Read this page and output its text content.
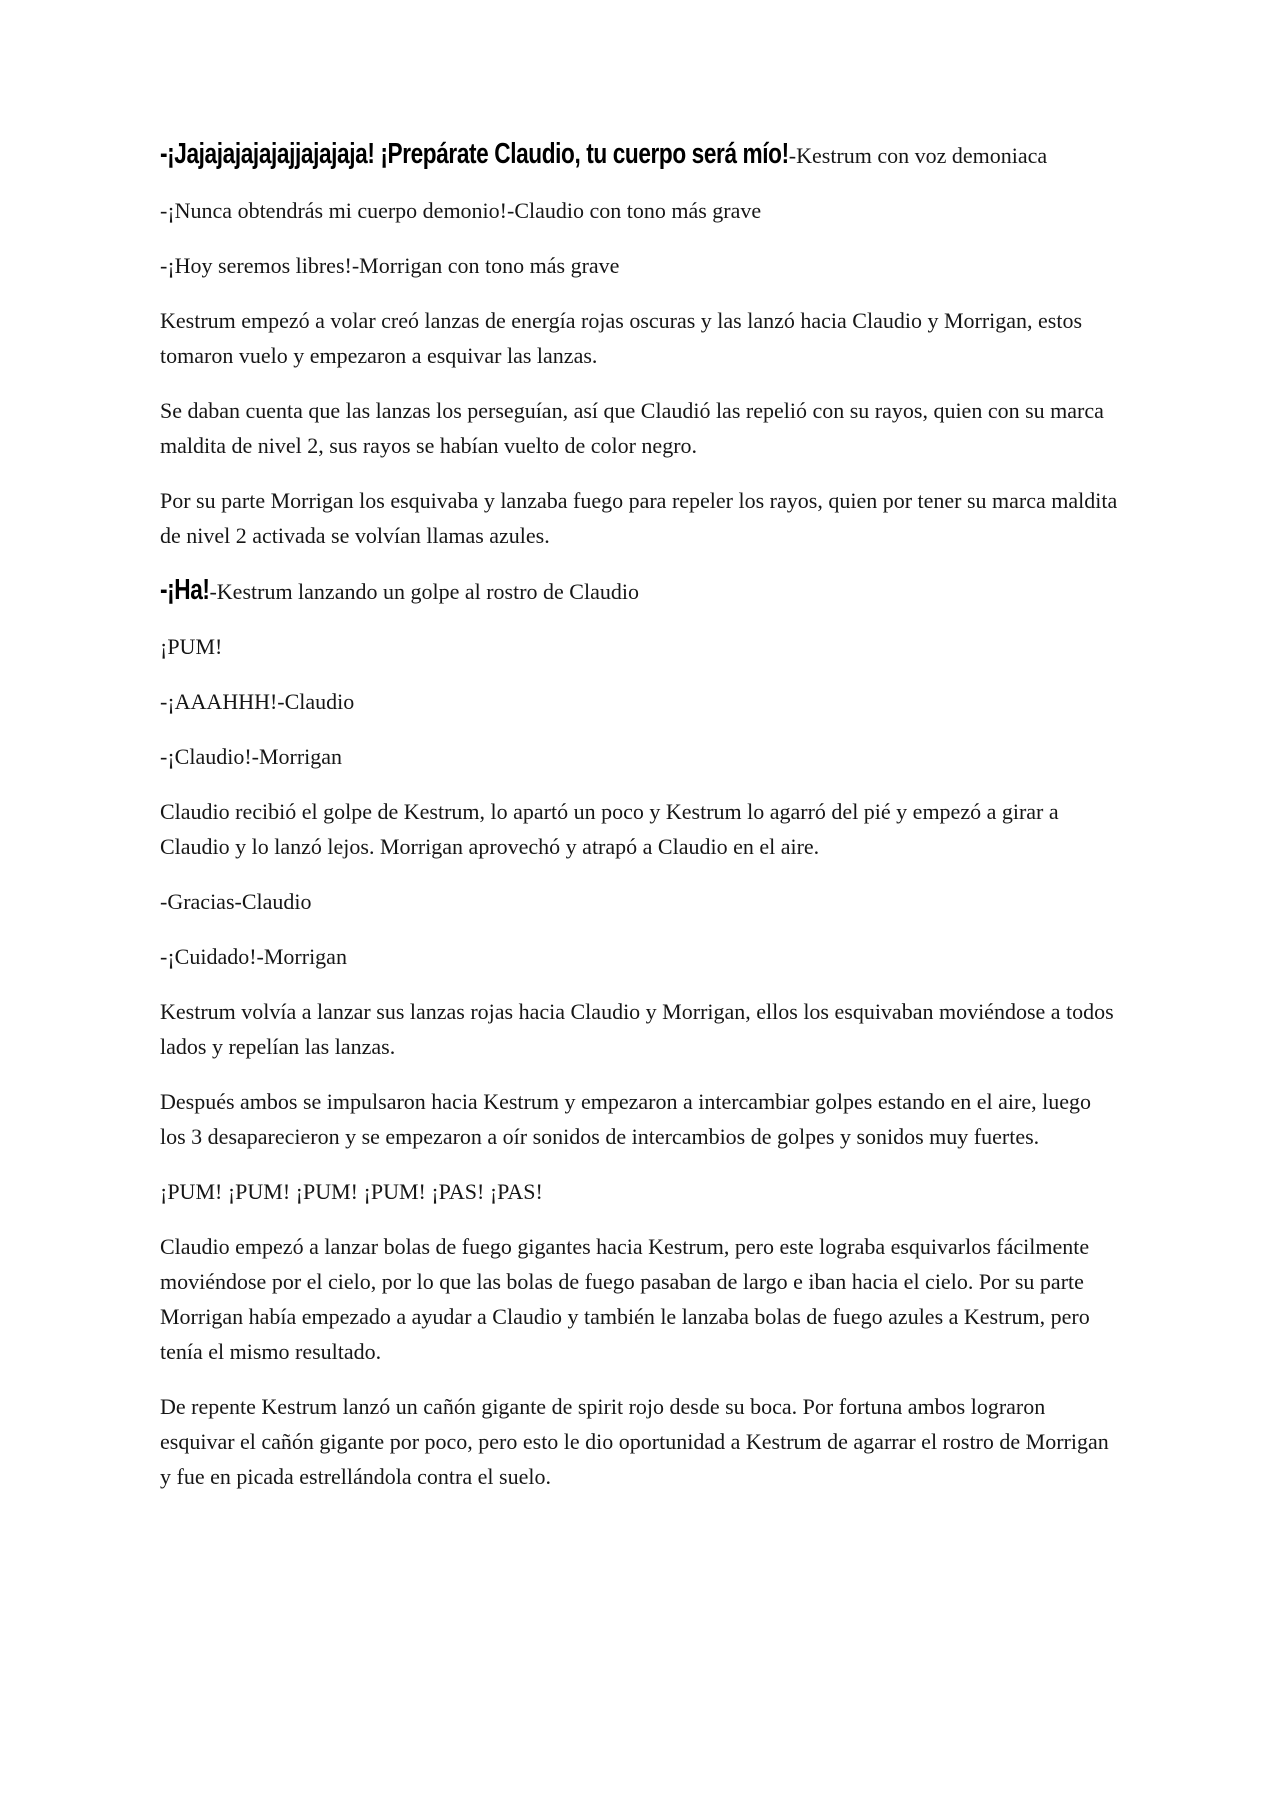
-¡Jajajajajajajjajajaja! ¡Prepárate Claudio, tu cuerpo será mío!-Kestrum con voz demoniaca

-¡Nunca obtendrás mi cuerpo demonio!-Claudio con tono más grave

-¡Hoy seremos libres!-Morrigan con tono más grave

Kestrum empezó a volar creó lanzas de energía rojas oscuras y las lanzó hacia Claudio y Morrigan, estos tomaron vuelo y empezaron a esquivar las lanzas.

Se daban cuenta que las lanzas los perseguían, así que Claudió las repelió con su rayos, quien con su marca maldita de nivel 2, sus rayos se habían vuelto de color negro.

Por su parte Morrigan los esquivaba y lanzaba fuego para repeler los rayos, quien por tener su marca maldita de nivel 2 activada se volvían llamas azules.

-¡Ha!-Kestrum lanzando un golpe al rostro de Claudio

¡PUM!

-¡AAAHHH!-Claudio

-¡Claudio!-Morrigan

Claudio recibió el golpe de Kestrum, lo apartó un poco y Kestrum lo agarró del pié y empezó a girar a Claudio y lo lanzó lejos. Morrigan aprovechó y atrapó a Claudio en el aire.

-Gracias-Claudio

-¡Cuidado!-Morrigan

Kestrum volvía a lanzar sus lanzas rojas hacia Claudio y Morrigan, ellos los esquivaban moviéndose a todos lados y repelían las lanzas.

Después ambos se impulsaron hacia Kestrum y empezaron a intercambiar golpes estando en el aire, luego los 3 desaparecieron y se empezaron a oír sonidos de intercambios de golpes y sonidos muy fuertes.

¡PUM! ¡PUM! ¡PUM! ¡PUM! ¡PAS! ¡PAS!

Claudio empezó a lanzar bolas de fuego gigantes hacia Kestrum, pero este lograba esquivarlos fácilmente moviéndose por el cielo, por lo que las bolas de fuego pasaban de largo e iban hacia el cielo. Por su parte Morrigan había empezado a ayudar a Claudio y también le lanzaba bolas de fuego azules a Kestrum, pero tenía el mismo resultado.

De repente Kestrum lanzó un cañón gigante de spirit rojo desde su boca. Por fortuna ambos lograron esquivar el cañón gigante por poco, pero esto le dio oportunidad a Kestrum de agarrar el rostro de Morrigan y fue en picada estrellándola contra el suelo.
